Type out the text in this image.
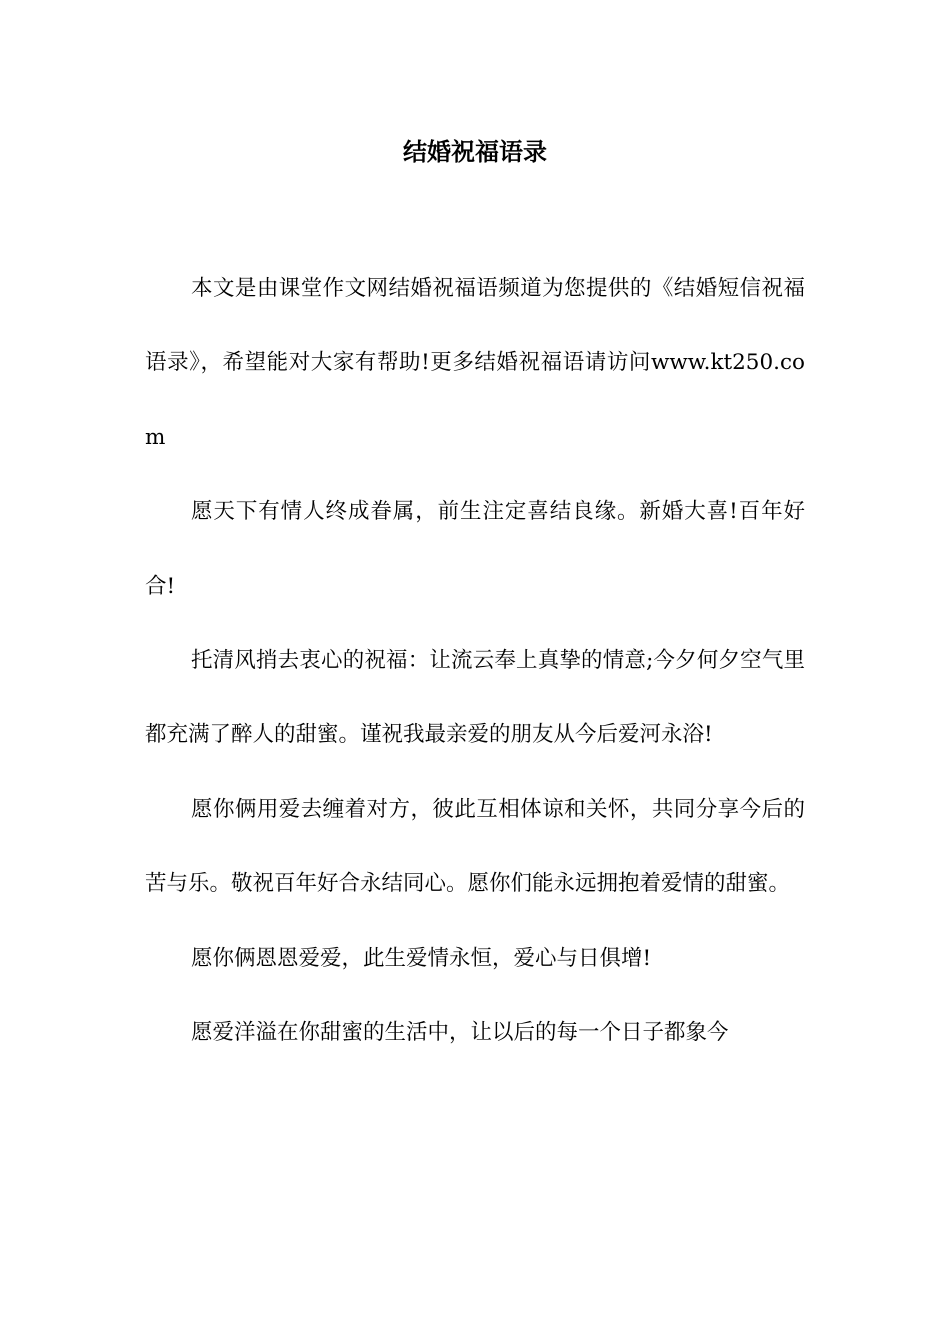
结婚祝福语录

本文是由课堂作文网结婚祝福语频道为您提供的《结婚短信祝福语录》，希望能对大家有帮助!更多结婚祝福语请访问www.kt250.com

愿天下有情人终成眷属，前生注定喜结良缘。新婚大喜!百年好合!

托清风捎去衷心的祝福：让流云奉上真挚的情意;今夕何夕空气里都充满了醉人的甜蜜。谨祝我最亲爱的朋友从今后爱河永浴!

愿你俩用爱去缠着对方，彼此互相体谅和关怀，共同分享今后的苦与乐。敬祝百年好合永结同心。愿你们能永远拥抱着爱情的甜蜜。

愿你俩恩恩爱爱，此生爱情永恒，爱心与日俱增!

愿爱洋溢在你甜蜜的生活中，让以后的每一个日子都象今
